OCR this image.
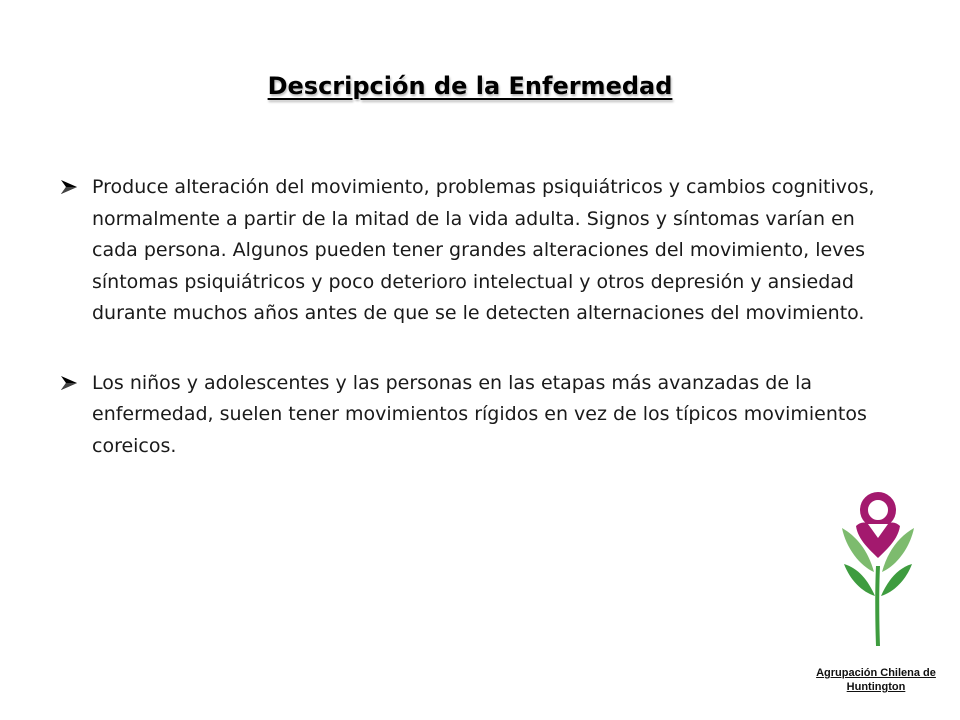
Descripción de la Enfermedad
Produce alteración del movimiento, problemas psiquiátricos y cambios cognitivos, normalmente a partir de la mitad de la vida adulta. Signos y síntomas varían en cada persona. Algunos pueden tener grandes alteraciones del movimiento, leves síntomas psiquiátricos y poco deterioro intelectual y otros depresión y ansiedad durante muchos años antes de que se le detecten alternaciones del movimiento.
Los niños y adolescentes y las personas en las etapas más avanzadas de la enfermedad, suelen tener movimientos rígidos en vez de los típicos movimientos coreicos.
Agrupación Chilena de Huntington
